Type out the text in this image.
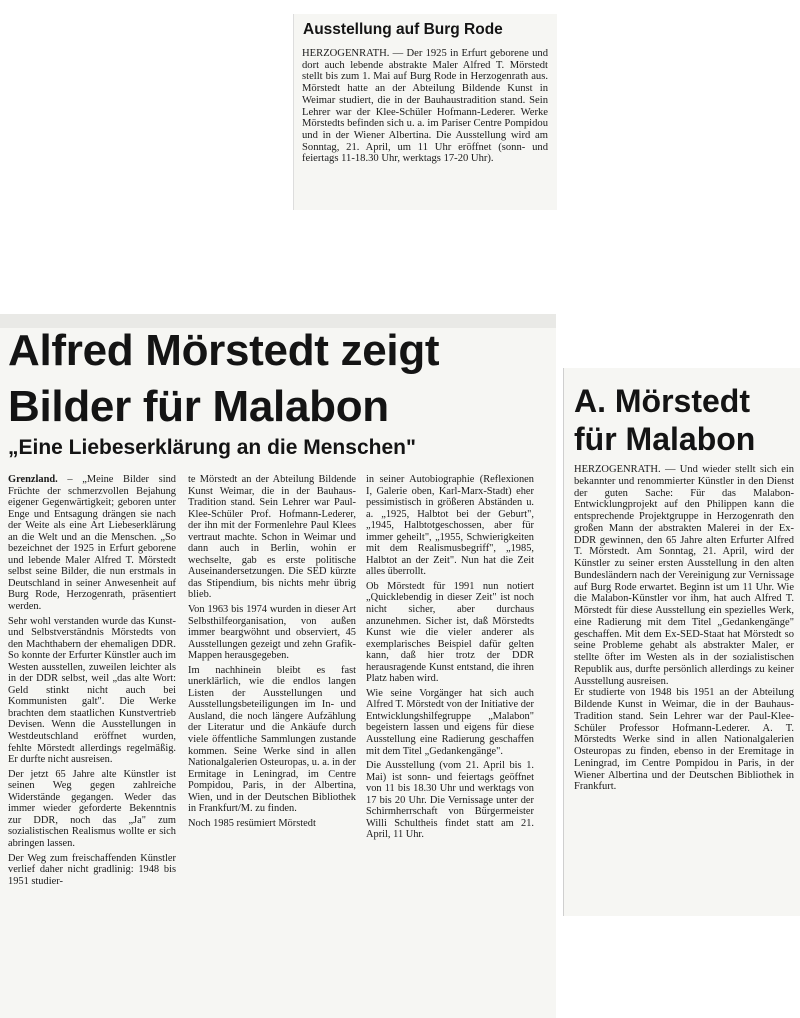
Ausstellung auf Burg Rode
HERZOGENRATH. — Der 1925 in Erfurt geborene und dort auch lebende abstrakte Maler Alfred T. Mörstedt stellt bis zum 1. Mai auf Burg Rode in Herzogenrath aus. Mörstedt hatte an der Abteilung Bildende Kunst in Weimar studiert, die in der Bauhaustradition stand. Sein Lehrer war der Klee-Schüler Hofmann-Lederer. Werke Mörstedts befinden sich u. a. im Pariser Centre Pompidou und in der Wiener Albertina. Die Ausstellung wird am Sonntag, 21. April, um 11 Uhr eröffnet (sonn- und feiertags 11-18.30 Uhr, werktags 17-20 Uhr).
Alfred Mörstedt zeigt
Bilder für Malabon
„Eine Liebeserklärung an die Menschen"

Grenzland. – „Meine Bilder sind Früchte der schmerzvollen Bejahung eigener Gegenwärtigkeit; geboren unter Enge und Entsagung drängen sie nach der Weite als eine Art Liebeserklärung an die Welt und an die Menschen. „So bezeichnet der 1925 in Erfurt geborene und lebende Maler Alfred T. Mörstedt selbst seine Bilder, die nun erstmals in Deutschland in seiner Anwesenheit auf Burg Rode, Herzogenrath, präsentiert werden.

Sehr wohl verstanden wurde das Kunst- und Selbstverständnis Mörstedts von den Machthabern der ehemaligen DDR. So konnte der Erfurter Künstler auch im Westen ausstellen, zuweilen leichter als in der DDR selbst, weil „das alte Wort: Geld stinkt nicht auch bei Kommunisten galt". Die Werke brachten dem staatlichen Kunstvertrieb Devisen. Wenn die Ausstellungen in Westdeutschland eröffnet wurden, fehlte Mörstedt allerdings regelmäßig. Er durfte nicht ausreisen.

Der jetzt 65 Jahre alte Künstler ist seinen Weg gegen zahlreiche Widerstände gegangen. Weder das immer wieder geforderte Bekenntnis zur DDR, noch das „Ja" zum sozialistischen Realismus wollte er sich abringen lassen.

Der Weg zum freischaffenden Künstler verlief daher nicht gradlinig: 1948 bis 1951 studier-

te Mörstedt an der Abteilung Bildende Kunst Weimar, die in der Bauhaus-Tradition stand. Sein Lehrer war Paul-Klee-Schüler Prof. Hofmann-Lederer, der ihn mit der Formenlehre Paul Klees vertraut machte. Schon in Weimar und dann auch in Berlin, wohin er wechselte, gab es erste politische Auseinandersetzungen. Die SED kürzte das Stipendium, bis nichts mehr übrig blieb.

Von 1963 bis 1974 wurden in dieser Art Selbsthilfeorganisation, von außen immer beargwöhnt und observiert, 45 Ausstellungen gezeigt und zehn Grafik-Mappen herausgegeben.

Im nachhinein bleibt es fast unerklärlich, wie die endlos langen Listen der Ausstellungen und Ausstellungsbeteiligungen im In- und Ausland, die noch längere Aufzählung der Literatur und die Ankäufe durch viele öffentliche Sammlungen zustande kommen. Seine Werke sind in allen Nationalgalerien Osteuropas, u. a. in der Ermitage in Leningrad, im Centre Pompidou, Paris, in der Albertina, Wien, und in der Deutschen Bibliothek in Frankfurt/M. zu finden.

Noch 1985 resümiert Mörstedt

in seiner Autobiographie (Reflexionen I, Galerie oben, Karl-Marx-Stadt) eher pessimistisch in größeren Abständen u. a. „1925, Halbtot bei der Geburt", „1945, Halbtotgeschossen, aber für immer geheilt", „1955, Schwierigkeiten mit dem Realismusbegriff", „1985, Halbtot an der Zeit". Nun hat die Zeit alles überrollt.

Ob Mörstedt für 1991 nun notiert „Quicklebendig in dieser Zeit" ist noch nicht sicher, aber durchaus anzunehmen. Sicher ist, daß Mörstedts Kunst wie die vieler anderer als exemplarisches Beispiel dafür gelten kann, daß hier trotz der DDR herausragende Kunst entstand, die ihren Platz haben wird.

Wie seine Vorgänger hat sich auch Alfred T. Mörstedt von der Initiative der Entwicklungshilfegruppe „Malabon" begeistern lassen und eigens für diese Ausstellung eine Radierung geschaffen mit dem Titel „Gedankengänge".

Die Ausstellung (vom 21. April bis 1. Mai) ist sonn- und feiertags geöffnet von 11 bis 18.30 Uhr und werktags von 17 bis 20 Uhr. Die Vernissage unter der Schirmherrschaft von Bürgermeister Willi Schultheis findet statt am 21. April, 11 Uhr.

A. Mörstedt
für Malabon

HERZOGENRATH. — Und wieder stellt sich ein bekannter und renommierter Künstler in den Dienst der guten Sache: Für das Malabon-Entwicklungprojekt auf den Philippen kann die entsprechende Projektgruppe in Herzogenrath den großen Mann der abstrakten Malerei in der Ex-DDR gewinnen, den 65 Jahre alten Erfurter Alfred T. Mörstedt. Am Sonntag, 21. April, wird der Künstler zu seiner ersten Ausstellung in den alten Bundesländern nach der Vereinigung zur Vernissage auf Burg Rode erwartet. Beginn ist um 11 Uhr. Wie die Malabon-Künstler vor ihm, hat auch Alfred T. Mörstedt für diese Ausstellung ein spezielles Werk, eine Radierung mit dem Titel „Gedankengänge" geschaffen. Mit dem Ex-SED-Staat hat Mörstedt so seine Probleme gehabt als abstrakter Maler, er stellte öfter im Westen als in der sozialistischen Republik aus, durfte persönlich allerdings zu keiner Ausstellung ausreisen.

Er studierte von 1948 bis 1951 an der Abteilung Bildende Kunst in Weimar, die in der Bauhaus-Tradition stand. Sein Lehrer war der Paul-Klee-Schüler Professor Hofmann-Lederer. A. T. Mörstedts Werke sind in allen Nationalgalerien Osteuropas zu finden, ebenso in der Eremitage in Leningrad, im Centre Pompidou in Paris, in der Wiener Albertina und der Deutschen Bibliothek in Frankfurt.
